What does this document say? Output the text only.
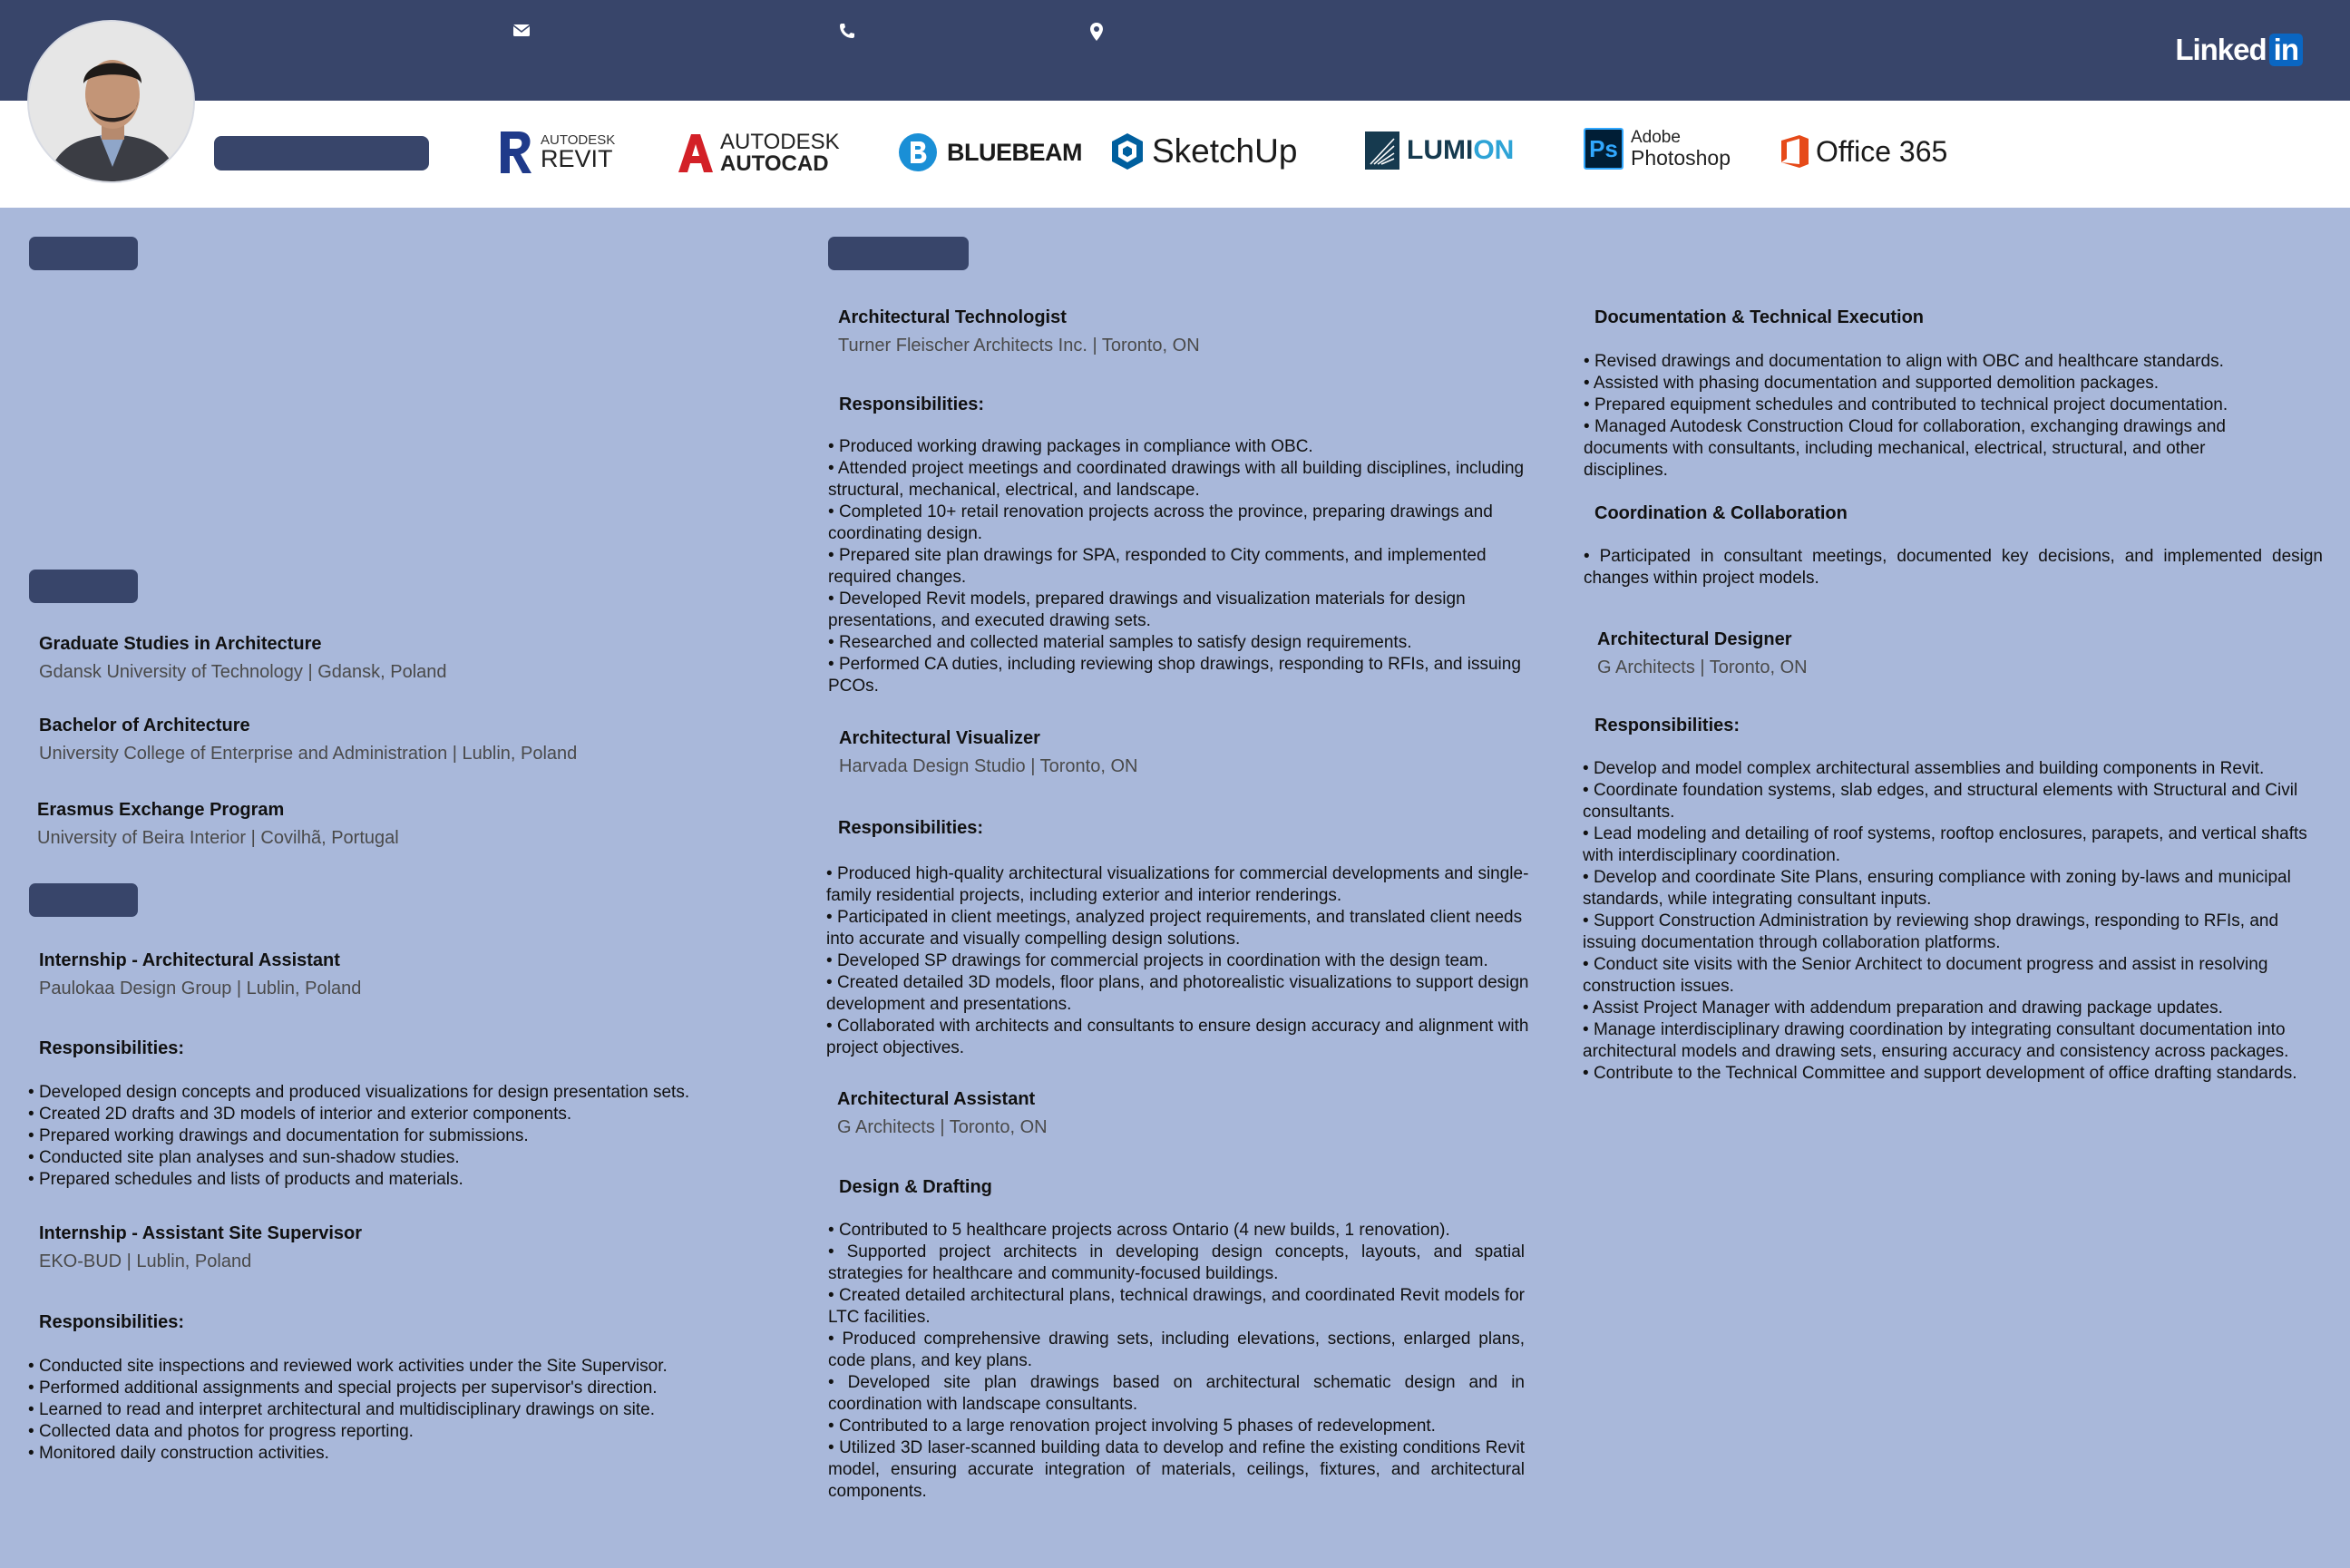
Linked in
AUTODESK
REVIT
AUTODESK
AUTOCAD	BLUEBEAM SketchUp	LUMION	Ps Adobe
Photoshop	Office 365
Graduate Studies in Architecture
Gdansk University of Technology | Gdansk, Poland
Bachelor of Architecture
University College of Enterprise and Administration | Lublin, Poland
Erasmus Exchange Program
University of Beira Interior | Covilhã, Portugal
Internship - Architectural Assistant
Paulokaa Design Group | Lublin, Poland
Responsibilities:
• Developed design concepts and produced visualizations for design presentation sets.
• Created 2D drafts and 3D models of interior and exterior components.
• Prepared working drawings and documentation for submissions.
• Conducted site plan analyses and sun-shadow studies.
• Prepared schedules and lists of products and materials.
Internship - Assistant Site Supervisor
EKO-BUD | Lublin, Poland
Responsibilities:
• Conducted site inspections and reviewed work activities under the Site Supervisor.
• Performed additional assignments and special projects per supervisor's direction.
• Learned to read and interpret architectural and multidisciplinary drawings on site.
• Collected data and photos for progress reporting.
• Monitored daily construction activities.
Architectural Technologist
Turner Fleischer Architects Inc. | Toronto, ON
Responsibilities:
• Produced working drawing packages in compliance with OBC.
• Attended project meetings and coordinated drawings with all building disciplines, including structural, mechanical, electrical, and landscape.
• Completed 10+ retail renovation projects across the province, preparing drawings and coordinating design.
• Prepared site plan drawings for SPA, responded to City comments, and implemented required changes.
• Developed Revit models, prepared drawings and visualization materials for design presentations, and executed drawing sets.
• Researched and collected material samples to satisfy design requirements.
• Performed CA duties, including reviewing shop drawings, responding to RFIs, and issuing PCOs.
Architectural Visualizer
Harvada Design Studio | Toronto, ON
Responsibilities:
• Produced high-quality architectural visualizations for commercial developments and single-family residential projects, including exterior and interior renderings.
• Participated in client meetings, analyzed project requirements, and translated client needs into accurate and visually compelling design solutions.
• Developed SP drawings for commercial projects in coordination with the design team.
• Created detailed 3D models, floor plans, and photorealistic visualizations to support design development and presentations.
• Collaborated with architects and consultants to ensure design accuracy and alignment with project objectives.
Architectural Assistant
G Architects | Toronto, ON
Design & Drafting
• Contributed to 5 healthcare projects across Ontario (4 new builds, 1 renovation).
• Supported project architects in developing design concepts, layouts, and spatial strategies for healthcare and community-focused buildings.
• Created detailed architectural plans, technical drawings, and coordinated Revit models for LTC facilities.
• Produced comprehensive drawing sets, including elevations, sections, enlarged plans, code plans, and key plans.
• Developed site plan drawings based on architectural schematic design and in coordination with landscape consultants.
• Contributed to a large renovation project involving 5 phases of redevelopment.
• Utilized 3D laser-scanned building data to develop and refine the existing conditions Revit model, ensuring accurate integration of materials, ceilings, fixtures, and architectural components.
Documentation & Technical Execution
• Revised drawings and documentation to align with OBC and healthcare standards.
• Assisted with phasing documentation and supported demolition packages.
• Prepared equipment schedules and contributed to technical project documentation.
• Managed Autodesk Construction Cloud for collaboration, exchanging drawings and documents with consultants, including mechanical, electrical, structural, and other disciplines.
Coordination & Collaboration
• Participated in consultant meetings, documented key decisions, and implemented design changes within project models.
Architectural Designer
G Architects | Toronto, ON
Responsibilities:
• Develop and model complex architectural assemblies and building components in Revit.
• Coordinate foundation systems, slab edges, and structural elements with Structural and Civil consultants.
• Lead modeling and detailing of roof systems, rooftop enclosures, parapets, and vertical shafts with interdisciplinary coordination.
• Develop and coordinate Site Plans, ensuring compliance with zoning by-laws and municipal standards, while integrating consultant inputs.
• Support Construction Administration by reviewing shop drawings, responding to RFIs, and issuing documentation through collaboration platforms.
• Conduct site visits with the Senior Architect to document progress and assist in resolving construction issues.
• Assist Project Manager with addendum preparation and drawing package updates.
• Manage interdisciplinary drawing coordination by integrating consultant documentation into architectural models and drawing sets, ensuring accuracy and consistency across packages.
• Contribute to the Technical Committee and support development of office drafting standards.
